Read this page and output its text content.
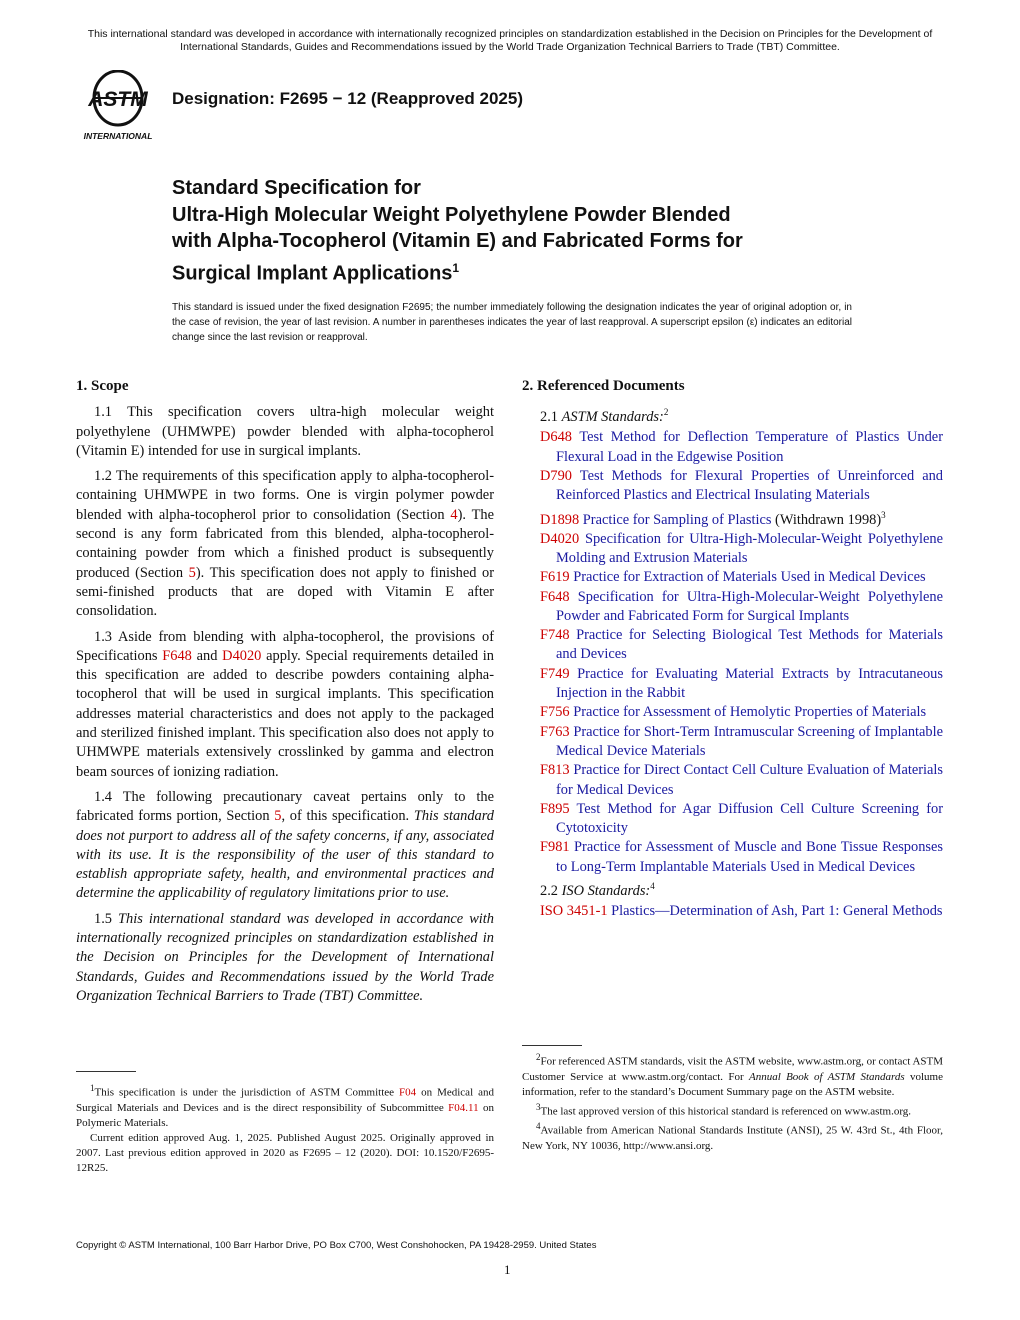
This international standard was developed in accordance with internationally recognized principles on standardization established in the Decision on Principles for the Development of International Standards, Guides and Recommendations issued by the World Trade Organization Technical Barriers to Trade (TBT) Committee.
ASTM
INTERNATIONAL
Designation: F2695 − 12 (Reapproved 2025)
Standard Specification for
Ultra-High Molecular Weight Polyethylene Powder Blended
with Alpha-Tocopherol (Vitamin E) and Fabricated Forms for
Surgical Implant Applications$^1$
This standard is issued under the fixed designation F2695; the number immediately following the designation indicates the year of original adoption or, in the case of revision, the year of last revision. A number in parentheses indicates the year of last reapproval. A superscript epsilon (ε) indicates an editorial change since the last revision or reapproval.
1. Scope

1.1 This specification covers ultra-high molecular weight polyethylene (UHMWPE) powder blended with alpha-tocopherol (Vitamin E) intended for use in surgical implants.

1.2 The requirements of this specification apply to alpha-tocopherol-containing UHMWPE in two forms. One is virgin polymer powder blended with alpha-tocopherol prior to consolidation (Section 4). The second is any form fabricated from this blended, alpha-tocopherol-containing powder from which a finished product is subsequently produced (Section 5). This specification does not apply to finished or semi-finished products that are doped with Vitamin E after consolidation.

1.3 Aside from blending with alpha-tocopherol, the provisions of Specifications F648 and D4020 apply. Special requirements detailed in this specification are added to describe powders containing alpha-tocopherol that will be used in surgical implants. This specification addresses material characteristics and does not apply to the packaged and sterilized finished implant. This specification also does not apply to UHMWPE materials extensively crosslinked by gamma and electron beam sources of ionizing radiation.

1.4 The following precautionary caveat pertains only to the fabricated forms portion, Section 5, of this specification. This standard does not purport to address all of the safety concerns, if any, associated with its use. It is the responsibility of the user of this standard to establish appropriate safety, health, and environmental practices and determine the applicability of regulatory limitations prior to use.

1.5 This international standard was developed in accordance with internationally recognized principles on standardization established in the Decision on Principles for the Development of International Standards, Guides and Recommendations issued by the World Trade Organization Technical Barriers to Trade (TBT) Committee.

$^1$This specification is under the jurisdiction of ASTM Committee F04 on Medical and Surgical Materials and Devices and is the direct responsibility of Subcommittee F04.11 on Polymeric Materials.

Current edition approved Aug. 1, 2025. Published August 2025. Originally approved in 2007. Last previous edition approved in 2020 as F2695 – 12 (2020). DOI: 10.1520/F2695-12R25.

2. Referenced Documents
2.1 ASTM Standards:$^2$

D648 Test Method for Deflection Temperature of Plastics Under Flexural Load in the Edgewise Position

D790 Test Methods for Flexural Properties of Unreinforced and Reinforced Plastics and Electrical Insulating Materials

D1898 Practice for Sampling of Plastics (Withdrawn 1998)$^3$

D4020 Specification for Ultra-High-Molecular-Weight Polyethylene Molding and Extrusion Materials

F619 Practice for Extraction of Materials Used in Medical Devices

F648 Specification for Ultra-High-Molecular-Weight Polyethylene Powder and Fabricated Form for Surgical Implants

F748 Practice for Selecting Biological Test Methods for Materials and Devices

F749 Practice for Evaluating Material Extracts by Intracutaneous Injection in the Rabbit

F756 Practice for Assessment of Hemolytic Properties of Materials

F763 Practice for Short-Term Intramuscular Screening of Implantable Medical Device Materials

F813 Practice for Direct Contact Cell Culture Evaluation of Materials for Medical Devices

F895 Test Method for Agar Diffusion Cell Culture Screening for Cytotoxicity

F981 Practice for Assessment of Muscle and Bone Tissue Responses to Long-Term Implantable Materials Used in Medical Devices

2.2 ISO Standards:$^4$

ISO 3451-1 Plastics—Determination of Ash, Part 1: General Methods

$^2$For referenced ASTM standards, visit the ASTM website, www.astm.org, or contact ASTM Customer Service at www.astm.org/contact. For Annual Book of ASTM Standards volume information, refer to the standard’s Document Summary page on the ASTM website.

$^3$The last approved version of this historical standard is referenced on www.astm.org.

$^4$Available from American National Standards Institute (ANSI), 25 W. 43rd St., 4th Floor, New York, NY 10036, http://www.ansi.org.

Copyright © ASTM International, 100 Barr Harbor Drive, PO Box C700, West Conshohocken, PA 19428-2959. United States
1
